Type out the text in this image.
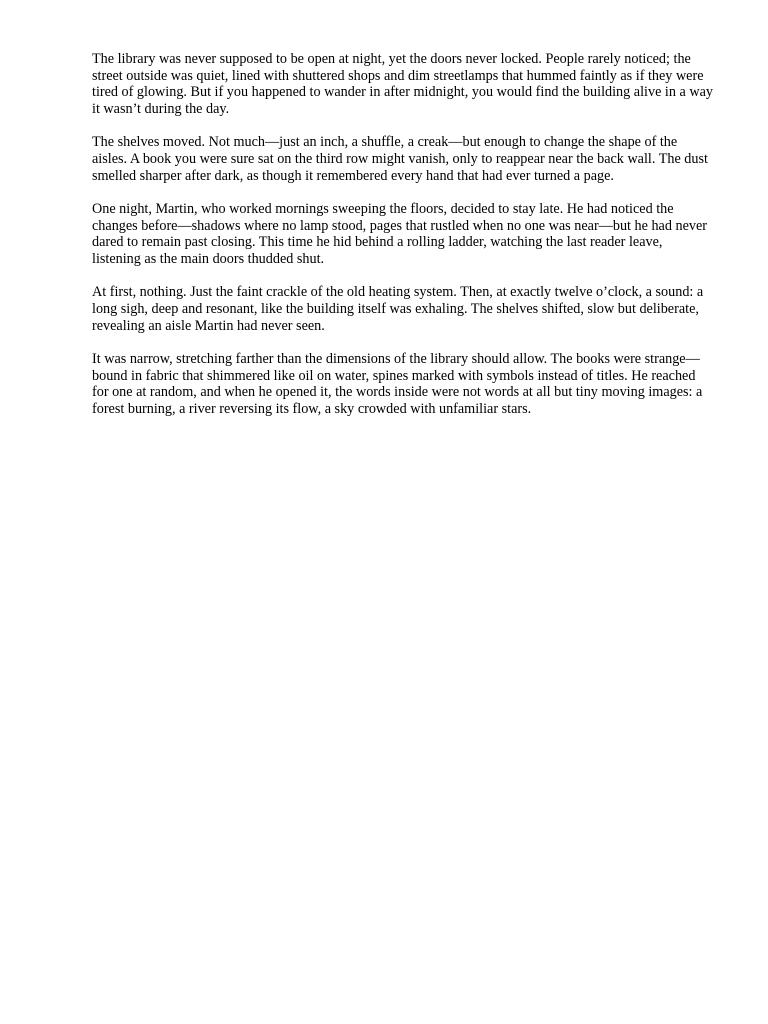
The library was never supposed to be open at night, yet the doors never locked. People rarely noticed; the street outside was quiet, lined with shuttered shops and dim streetlamps that hummed faintly as if they were tired of glowing. But if you happened to wander in after midnight, you would find the building alive in a way it wasn’t during the day.

The shelves moved. Not much—just an inch, a shuffle, a creak—but enough to change the shape of the aisles. A book you were sure sat on the third row might vanish, only to reappear near the back wall. The dust smelled sharper after dark, as though it remembered every hand that had ever turned a page.

One night, Martin, who worked mornings sweeping the floors, decided to stay late. He had noticed the changes before—shadows where no lamp stood, pages that rustled when no one was near—but he had never dared to remain past closing. This time he hid behind a rolling ladder, watching the last reader leave, listening as the main doors thudded shut.

At first, nothing. Just the faint crackle of the old heating system. Then, at exactly twelve o’clock, a sound: a long sigh, deep and resonant, like the building itself was exhaling. The shelves shifted, slow but deliberate, revealing an aisle Martin had never seen.

It was narrow, stretching farther than the dimensions of the library should allow. The books were strange—bound in fabric that shimmered like oil on water, spines marked with symbols instead of titles. He reached for one at random, and when he opened it, the words inside were not words at all but tiny moving images: a forest burning, a river reversing its flow, a sky crowded with unfamiliar stars.
